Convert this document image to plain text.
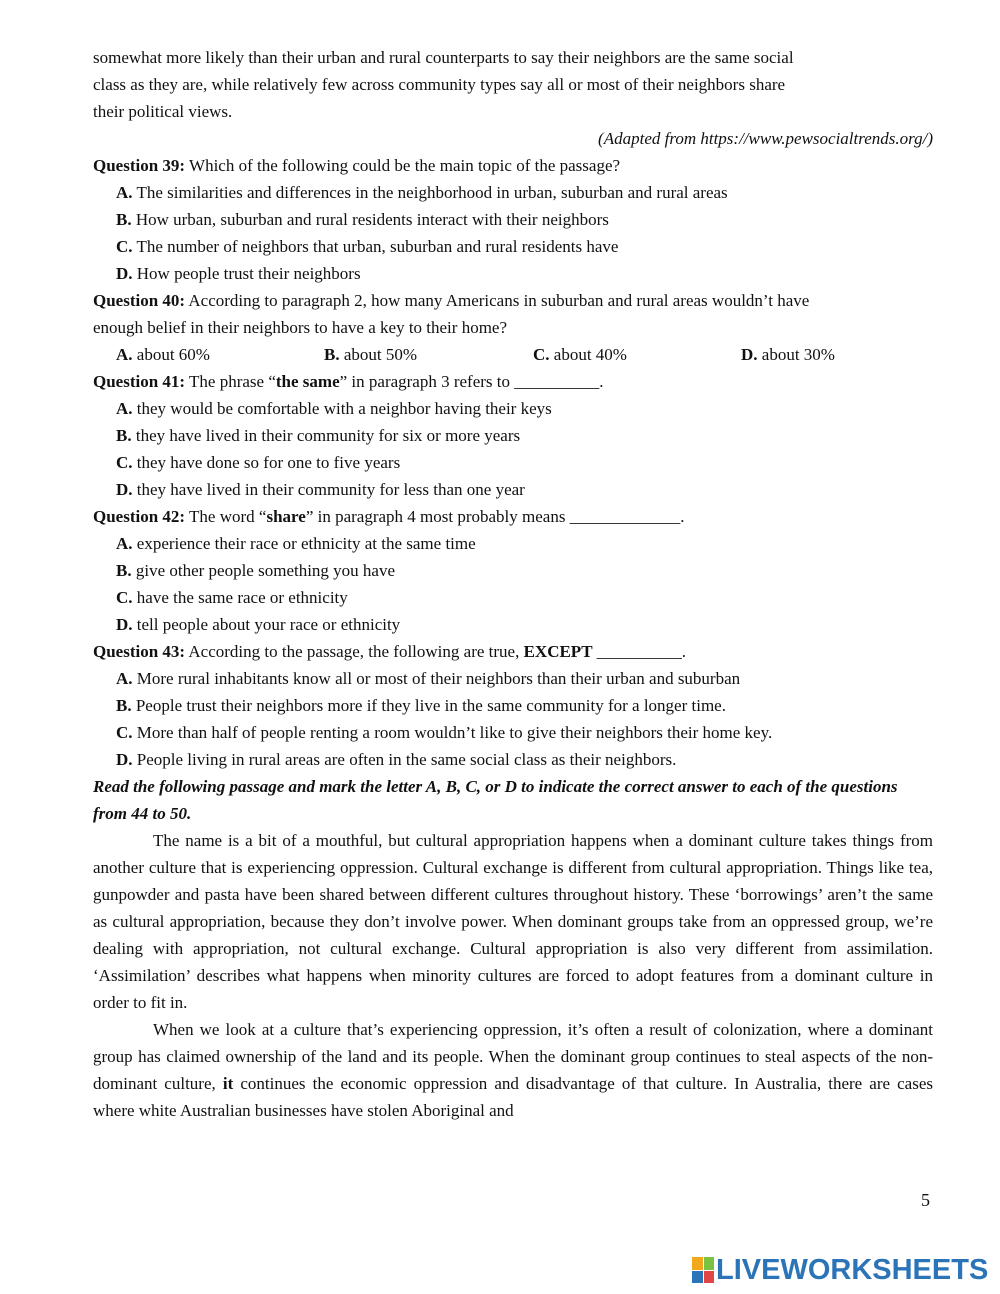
somewhat more likely than their urban and rural counterparts to say their neighbors are the same social

class as they are, while relatively few across community types say all or most of their neighbors share

their political views.

(Adapted from https://www.pewsocialtrends.org/)

Question 39: Which of the following could be the main topic of the passage?

A. The similarities and differences in the neighborhood in urban, suburban and rural areas

B. How urban, suburban and rural residents interact with their neighbors

C. The number of neighbors that urban, suburban and rural residents have

D. How people trust their neighbors

Question 40: According to paragraph 2, how many Americans in suburban and rural areas wouldn’t have

enough belief in their neighbors to have a key to their home?

A. about 60%	B. about 50%	C. about 40%	D. about 30%

Question 41: The phrase “the same” in paragraph 3 refers to __________.

A. they would be comfortable with a neighbor having their keys

B. they have lived in their community for six or more years

C. they have done so for one to five years

D. they have lived in their community for less than one year

Question 42: The word “share” in paragraph 4 most probably means _____________.

A. experience their race or ethnicity at the same time

B. give other people something you have

C. have the same race or ethnicity

D. tell people about your race or ethnicity

Question 43: According to the passage, the following are true, EXCEPT __________.

A. More rural inhabitants know all or most of their neighbors than their urban and suburban

B. People trust their neighbors more if they live in the same community for a longer time.

C. More than half of people renting a room wouldn’t like to give their neighbors their home key.

D. People living in rural areas are often in the same social class as their neighbors.

Read the following passage and mark the letter A, B, C, or D to indicate the correct answer to each of the questions from 44 to 50.

The name is a bit of a mouthful, but cultural appropriation happens when a dominant culture takes things from another culture that is experiencing oppression. Cultural exchange is different from cultural appropriation. Things like tea, gunpowder and pasta have been shared between different cultures throughout history. These ‘borrowings’ aren’t the same as cultural appropriation, because they don’t involve power. When dominant groups take from an oppressed group, we’re dealing with appropriation, not cultural exchange. Cultural appropriation is also very different from assimilation. ‘Assimilation’ describes what happens when minority cultures are forced to adopt features from a dominant culture in order to fit in.

When we look at a culture that’s experiencing oppression, it’s often a result of colonization, where a dominant group has claimed ownership of the land and its people. When the dominant group continues to steal aspects of the non-dominant culture, it continues the economic oppression and disadvantage of that culture. In Australia, there are cases where white Australian businesses have stolen Aboriginal and

5
LIVEWORKSHEETS
